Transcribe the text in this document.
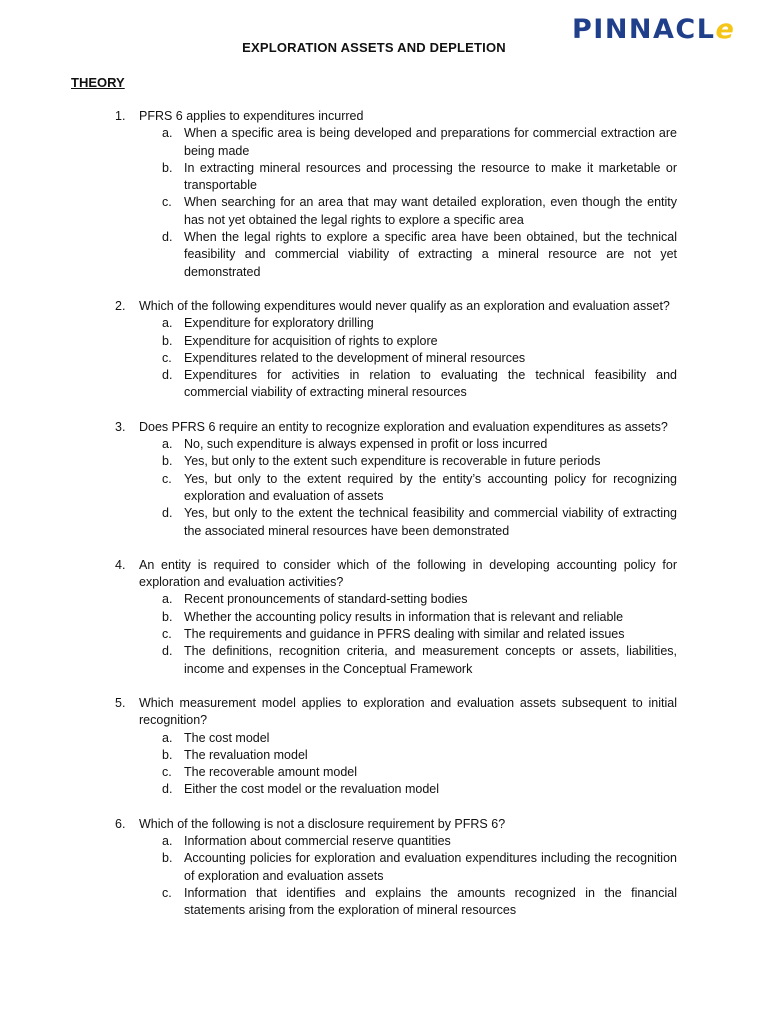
PINNACLe
EXPLORATION ASSETS AND DEPLETION
THEORY
1.	PFRS 6 applies to expenditures incurred
a. When a specific area is being developed and preparations for commercial extraction are being made
b. In extracting mineral resources and processing the resource to make it marketable or transportable
c. When searching for an area that may want detailed exploration, even though the entity has not yet obtained the legal rights to explore a specific area
d. When the legal rights to explore a specific area have been obtained, but the technical feasibility and commercial viability of extracting a mineral resource are not yet demonstrated
2.	Which of the following expenditures would never qualify as an exploration and evaluation asset?
a. Expenditure for exploratory drilling
b. Expenditure for acquisition of rights to explore
c. Expenditures related to the development of mineral resources
d. Expenditures for activities in relation to evaluating the technical feasibility and commercial viability of extracting mineral resources
3.	Does PFRS 6 require an entity to recognize exploration and evaluation expenditures as assets?
a. No, such expenditure is always expensed in profit or loss incurred
b. Yes, but only to the extent such expenditure is recoverable in future periods
c. Yes, but only to the extent required by the entity’s accounting policy for recognizing exploration and evaluation of assets
d. Yes, but only to the extent the technical feasibility and commercial viability of extracting the associated mineral resources have been demonstrated
4.	An entity is required to consider which of the following in developing accounting policy for exploration and evaluation activities?
a. Recent pronouncements of standard-setting bodies
b. Whether the accounting policy results in information that is relevant and reliable
c. The requirements and guidance in PFRS dealing with similar and related issues
d. The definitions, recognition criteria, and measurement concepts or assets, liabilities, income and expenses in the Conceptual Framework
5.	Which measurement model applies to exploration and evaluation assets subsequent to initial recognition?
a. The cost model
b. The revaluation model
c. The recoverable amount model
d. Either the cost model or the revaluation model
6.	Which of the following is not a disclosure requirement by PFRS 6?
a. Information about commercial reserve quantities
b. Accounting policies for exploration and evaluation expenditures including the recognition of exploration and evaluation assets
c. Information that identifies and explains the amounts recognized in the financial statements arising from the exploration of mineral resources
